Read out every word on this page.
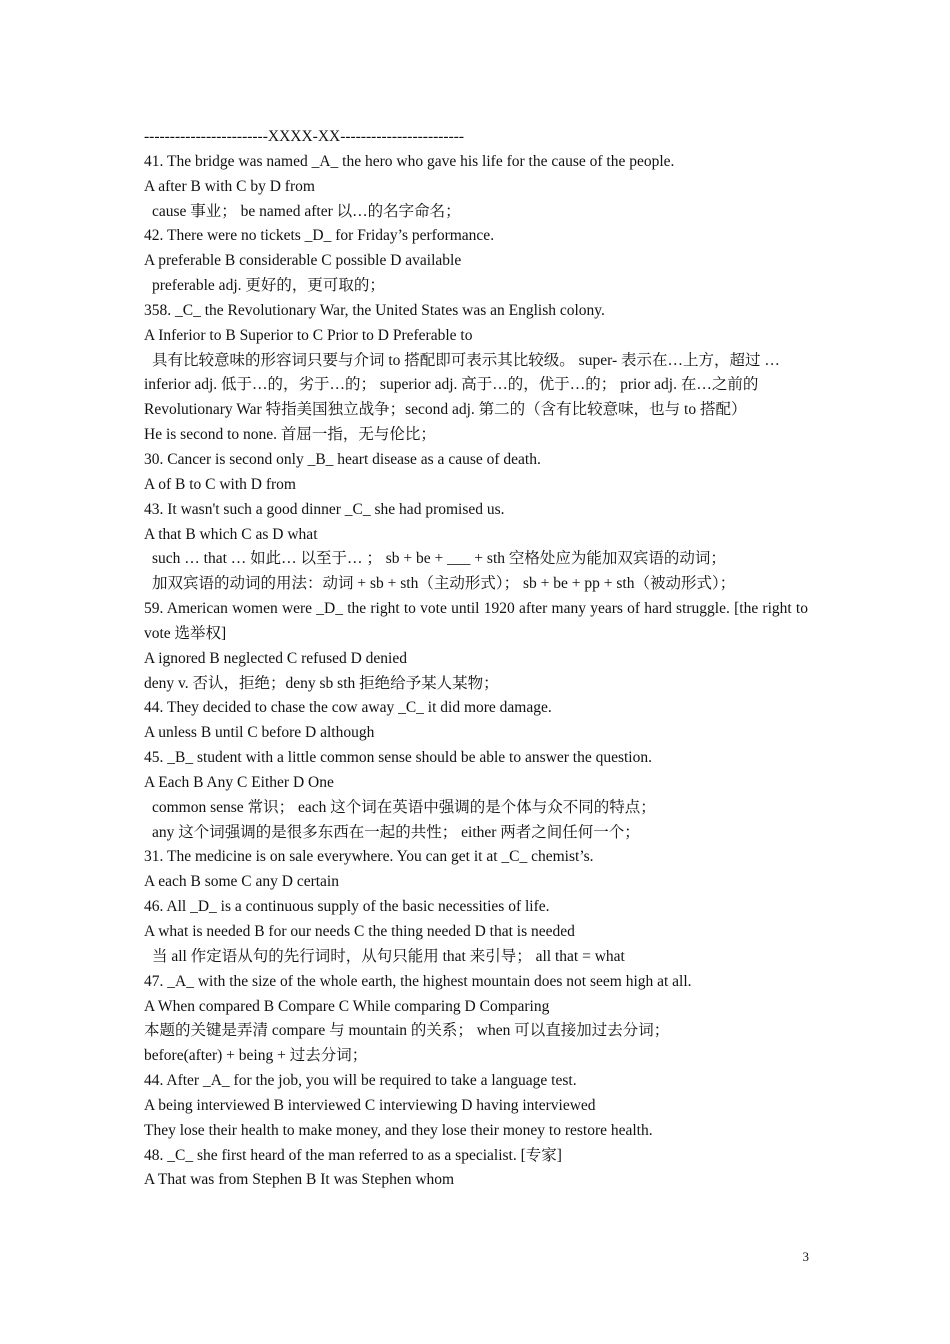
------------------------XXXX-XX------------------------
41. The bridge was named _A_ the hero who gave his life for the cause of the people.
A after B with C by D from
cause 事业； be named after 以…的名字命名；
42. There were no tickets _D_ for Friday’s performance.
A preferable B considerable C possible D available
preferable adj. 更好的，更可取的；
358. _C_ the Revolutionary War, the United States was an English colony.
A Inferior to B Superior to C Prior to D Preferable to
具有比较意味的形容词只要与介词 to 搭配即可表示其比较级。 super- 表示在…上方，超过 …
inferior adj. 低于…的，劣于…的； superior adj. 高于…的，优于…的； prior adj. 在…之前的
Revolutionary War 特指美国独立战争；second adj. 第二的（含有比较意味，也与 to 搭配）
He is second to none. 首屈一指，无与伦比；
30. Cancer is second only _B_ heart disease as a cause of death.
A of B to C with D from
43. It wasn't such a good dinner _C_ she had promised us.
A that B which C as D what
such … that … 如此… 以至于… ； sb + be + ___ + sth 空格处应为能加双宾语的动词；
加双宾语的动词的用法：动词 + sb + sth（主动形式）； sb + be + pp + sth（被动形式）；
59. American women were _D_ the right to vote until 1920 after many years of hard struggle. [the right to vote 选举权]
A ignored B neglected C refused D denied
deny v. 否认，拒绝；deny sb sth 拒绝给予某人某物；
44. They decided to chase the cow away _C_ it did more damage.
A unless B until C before D although
45. _B_ student with a little common sense should be able to answer the question.
A Each B Any C Either D One
common sense 常识； each 这个词在英语中强调的是个体与众不同的特点；
any 这个词强调的是很多东西在一起的共性； either 两者之间任何一个；
31. The medicine is on sale everywhere. You can get it at _C_ chemist’s.
A each B some C any D certain
46. All _D_ is a continuous supply of the basic necessities of life.
A what is needed B for our needs C the thing needed D that is needed
当 all 作定语从句的先行词时，从句只能用 that 来引导； all that = what
47. _A_ with the size of the whole earth, the highest mountain does not seem high at all.
A When compared B Compare C While comparing D Comparing
本题的关键是弄清 compare 与 mountain 的关系； when 可以直接加过去分词；
before(after) + being + 过去分词；
44. After _A_ for the job, you will be required to take a language test.
A being interviewed B interviewed C interviewing D having interviewed
They lose their health to make money, and they lose their money to restore health.
48. _C_ she first heard of the man referred to as a specialist. [专家]
A That was from Stephen B It was Stephen whom
3
